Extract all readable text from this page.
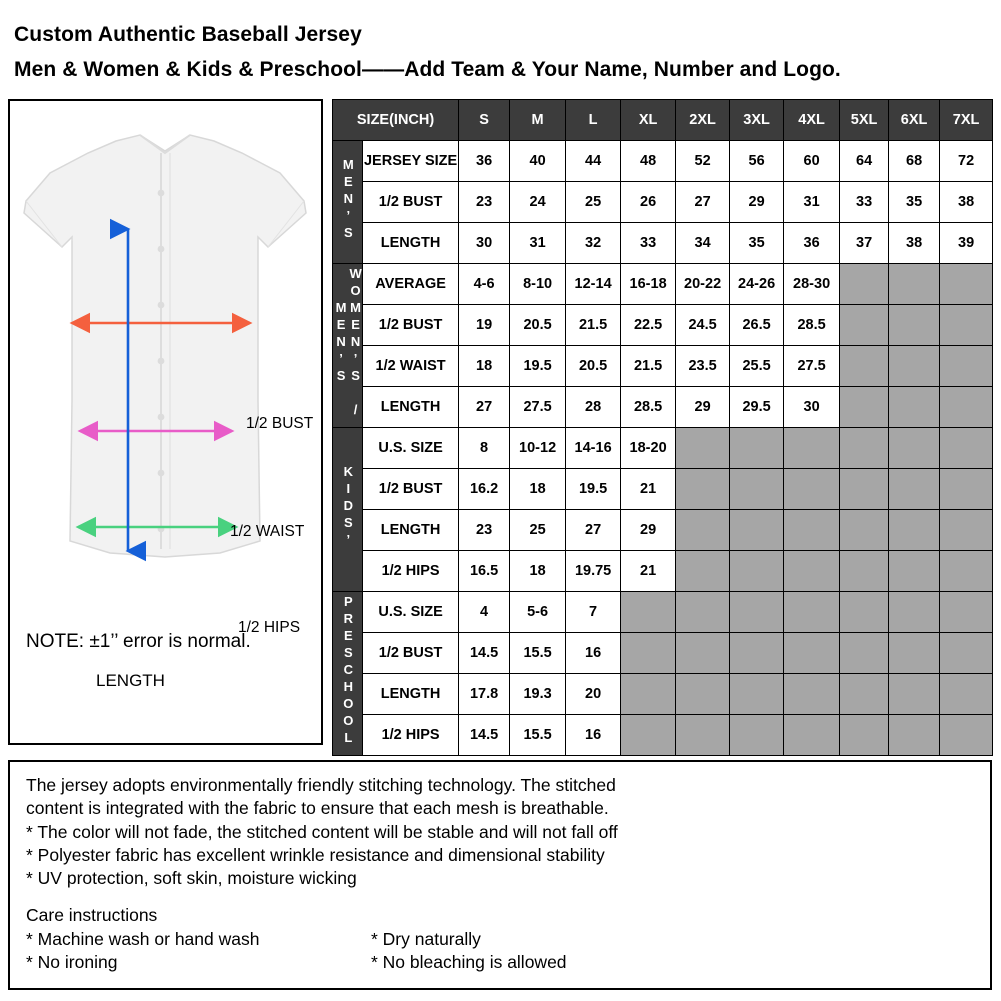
Custom Authentic Baseball Jersey
Men & Women & Kids & Preschool——Add Team & Your Name, Number and Logo.
1/2 BUST
1/2 WAIST
1/2 HIPS
LENGTH
NOTE: ±1’’ error is normal.
SIZE(INCH)		S	M	L	XL	2XL	3XL	4XL	5XL	6XL	7XL
MEN’S	JERSEY SIZE	36	40	44	48	52	56	60	64	68	72
	1/2 BUST	23	24	25	26	27	29	31	33	35	38
	LENGTH	30	31	32	33	34	35	36	37	38	39
WOMEN’S / MEN’S	AVERAGE	4-6	8-10	12-14	16-18	20-22	24-26	28-30			
	1/2 BUST	19	20.5	21.5	22.5	24.5	26.5	28.5			
	1/2 WAIST	18	19.5	20.5	21.5	23.5	25.5	27.5			
	LENGTH	27	27.5	28	28.5	29	29.5	30			
KIDS’	U.S. SIZE	8	10-12	14-16	18-20						
	1/2 BUST	16.2	18	19.5	21						
	LENGTH	23	25	27	29						
	1/2 HIPS	16.5	18	19.75	21						
PRESCHOOL	U.S. SIZE	4	5-6	7							
	1/2 BUST	14.5	15.5	16							
	LENGTH	17.8	19.3	20							
	1/2 HIPS	14.5	15.5	16							

The jersey adopts environmentally friendly stitching technology. The stitched

content is integrated with the fabric to ensure that each mesh is breathable.

* The color will not fade, the stitched content will be stable and will not fall off

* Polyester fabric has excellent wrinkle resistance and dimensional stability

* UV protection, soft skin, moisture wicking

Care instructions

* Machine wash or hand wash	* Dry naturally
* No ironing	* No bleaching is allowed
